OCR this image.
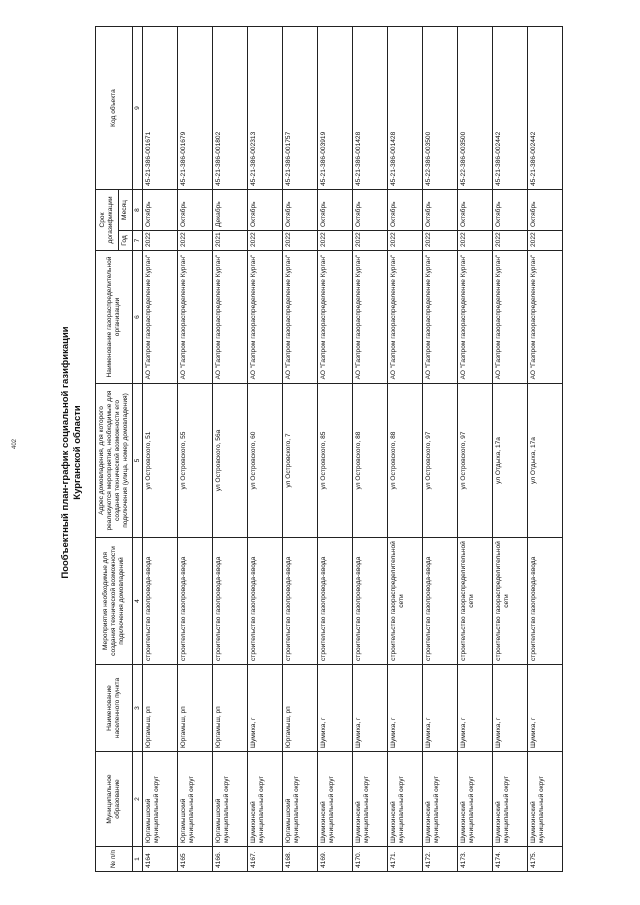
402	Пообъектный план-график социальной газификации Курганской области
№ п/п	Муниципальное образование	Наименование населенного пункта	Мероприятия необходимые для создания технической возможности подключения домовладений	Адрес домовладения, для которого реализуются мероприятия, необходимые для создания технической возможности его подключения (улица, номер домовладения)	Наименование газораспределительной организации	Срок догазификации		Код объекта
						Год	Месяц	
1	2	3	4	5	6	7	8	9
4164	Юргамышский муниципальный округ	Юргамыш, рп	строительство газопровода-ввода	ул Островского, 51	АО "Газпром газораспределение Курган"	2022	Октябрь	45-21-386-001671
4165	Юргамышский муниципальный округ	Юргамыш, рп	строительство газопровода-ввода	ул Островского, 55	АО "Газпром газораспределение Курган"	2022	Октябрь	45-21-386-001679
4166.	Юргамышский муниципальный округ	Юргамыш, рп	строительство газопровода-ввода	ул Островского, 56а	АО "Газпром газораспределение Курган"	2021	Декабрь	45-21-386-001802
4167.	Шумихинский муниципальный округ	Шумиха, г	строительство газопровода-ввода	ул Островского, 60	АО "Газпром газораспределение Курган"	2022	Октябрь	45-21-386-002313
4168.	Юргамышский муниципальный округ	Юргамыш, рп	строительство газопровода-ввода	ул Островского, 7	АО "Газпром газораспределение Курган"	2022	Октябрь	45-21-386-001757
4169.	Шумихинский муниципальный округ	Шумиха, г	строительство газопровода-ввода	ул Островского, 85	АО "Газпром газораспределение Курган"	2022	Октябрь	45-21-386-003919
4170.	Шумихинский муниципальный округ	Шумиха, г	строительство газопровода-ввода	ул Островского, 88	АО "Газпром газораспределение Курган"	2022	Октябрь	45-21-386-001428
4171.	Шумихинский муниципальный округ	Шумиха, г	строительство газораспределительной сети	ул Островского, 88	АО "Газпром газораспределение Курган"	2022	Октябрь	45-21-386-001428
4172.	Шумихинский муниципальный округ	Шумиха, г	строительство газопровода-ввода	ул Островского, 97	АО "Газпром газораспределение Курган"	2022	Октябрь	45-22-386-003500
4173.	Шумихинский муниципальный округ	Шумиха, г	строительство газораспределительной сети	ул Островского, 97	АО "Газпром газораспределение Курган"	2022	Октябрь	45-22-386-003500
4174.	Шумихинский муниципальный округ	Шумиха, г	строительство газораспределительной сети	ул Отдыха, 17а	АО "Газпром газораспределение Курган"	2022	Октябрь	45-21-386-002442
4175.	Шумихинский муниципальный округ	Шумиха, г	строительство газопровода-ввода	ул Отдыха, 17а	АО "Газпром газораспределение Курган"	2022	Октябрь	45-21-386-002442
